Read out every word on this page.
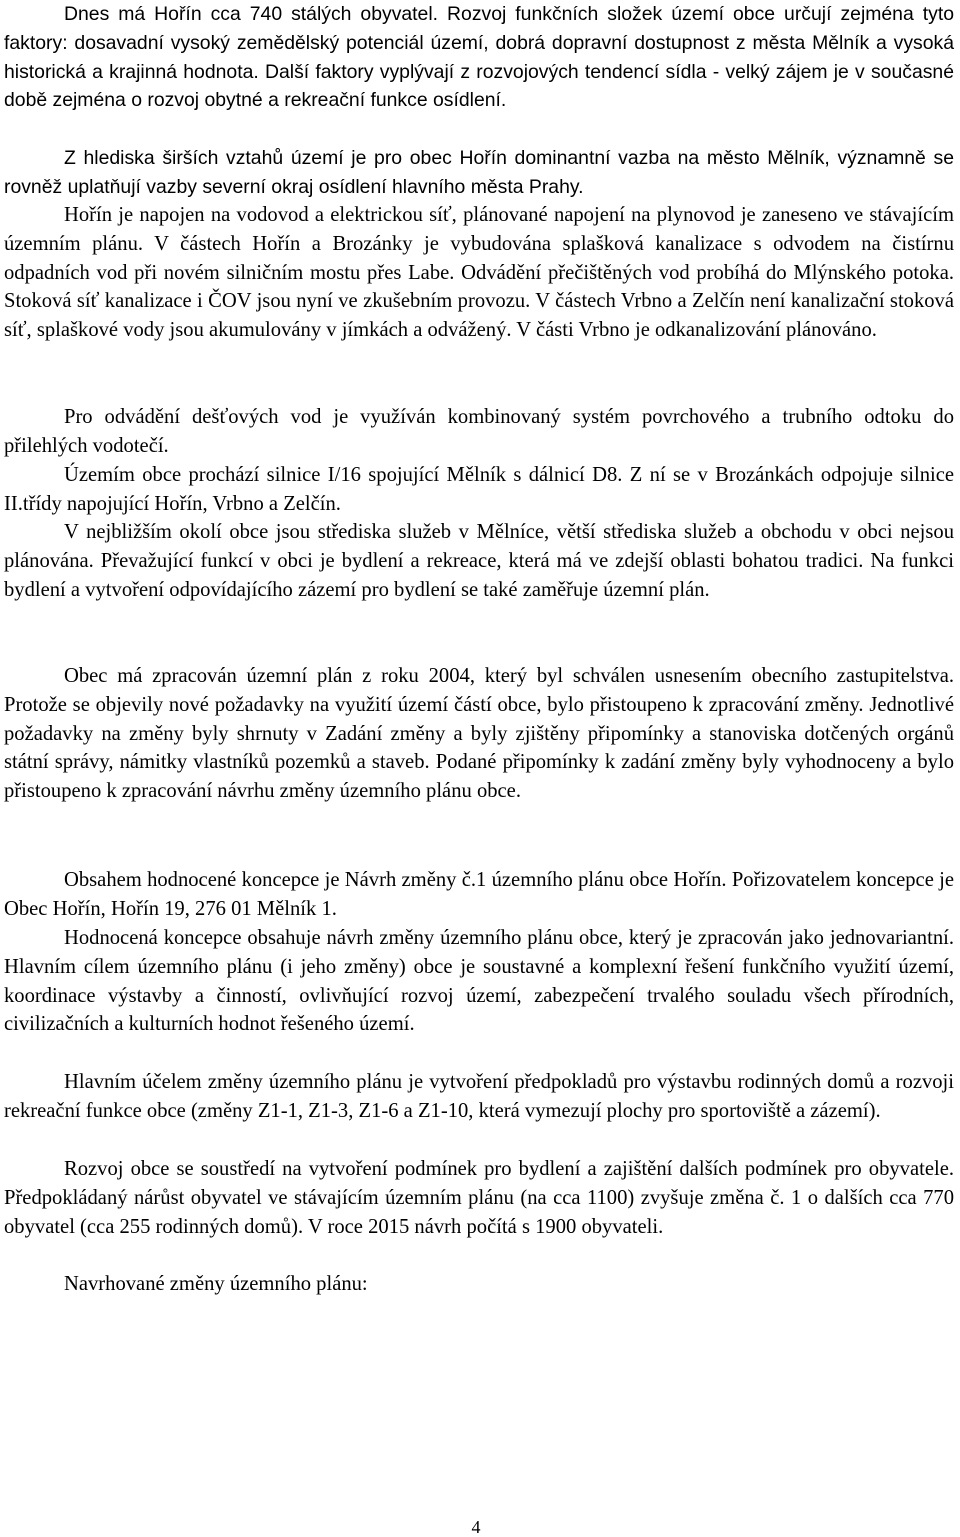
Dnes má Hořín cca 740 stálých obyvatel. Rozvoj funkčních složek území obce určují zejména tyto faktory: dosavadní vysoký zemědělský potenciál území, dobrá dopravní dostupnost z města Mělník a vysoká historická a krajinná hodnota. Další faktory vyplývají z rozvojových tendencí sídla - velký zájem je v současné době zejména o rozvoj obytné a rekreační funkce osídlení.

Z hlediska širších vztahů území je pro obec Hořín dominantní vazba na město Mělník, významně se rovněž uplatňují vazby severní okraj osídlení hlavního města Prahy.

Hořín je napojen na vodovod a elektrickou síť, plánované napojení na plynovod je zaneseno ve stávajícím územním plánu. V částech Hořín a Brozánky je vybudována splašková kanalizace s odvodem na čistírnu odpadních vod při novém silničním mostu přes Labe. Odvádění přečištěných vod probíhá do Mlýnského potoka. Stoková síť kanalizace i ČOV jsou nyní ve zkušebním provozu. V částech Vrbno a Zelčín není kanalizační stoková síť, splaškové vody jsou akumulovány v jímkách a odvážený. V části Vrbno je odkanalizování plánováno.

Pro odvádění dešťových vod je využíván kombinovaný systém povrchového a trubního odtoku do přilehlých vodotečí.

Územím obce prochází silnice I/16 spojující Mělník s dálnicí D8. Z ní se v Brozánkách odpojuje silnice II.třídy napojující Hořín, Vrbno a Zelčín.

V nejbližším okolí obce jsou střediska služeb v Mělníce, větší střediska služeb a obchodu v obci nejsou plánována. Převažující funkcí v obci je bydlení a rekreace, která má ve zdejší oblasti bohatou tradici. Na funkci bydlení a vytvoření odpovídajícího zázemí pro bydlení se také zaměřuje územní plán.

Obec má zpracován územní plán z roku 2004, který byl schválen usnesením obecního zastupitelstva. Protože se objevily nové požadavky na využití území částí obce, bylo přistoupeno k zpracování změny. Jednotlivé požadavky na změny byly shrnuty v Zadání změny a byly zjištěny připomínky a stanoviska dotčených orgánů státní správy, námitky vlastníků pozemků a staveb. Podané připomínky k zadání změny byly vyhodnoceny a bylo přistoupeno k zpracování návrhu změny územního plánu obce.

Obsahem hodnocené koncepce je Návrh změny č.1 územního plánu obce Hořín. Pořizovatelem koncepce je Obec Hořín, Hořín 19, 276 01 Mělník 1.

Hodnocená koncepce obsahuje návrh změny územního plánu obce, který je zpracován jako jednovariantní. Hlavním cílem územního plánu (i jeho změny) obce je soustavné a komplexní řešení funkčního využití území, koordinace výstavby a činností, ovlivňující rozvoj území, zabezpečení trvalého souladu všech přírodních, civilizačních a kulturních hodnot řešeného území.

Hlavním účelem změny územního plánu je vytvoření předpokladů pro výstavbu rodinných domů a rozvoji rekreační funkce obce (změny Z1-1, Z1-3, Z1-6 a Z1-10, která vymezují plochy pro sportoviště a zázemí).

Rozvoj obce se soustředí na vytvoření podmínek pro bydlení a zajištění dalších podmínek pro obyvatele. Předpokládaný nárůst obyvatel ve stávajícím územním plánu (na cca 1100) zvyšuje změna č. 1 o dalších cca 770 obyvatel (cca 255 rodinných domů). V roce 2015 návrh počítá s 1900 obyvateli.

Navrhované změny územního plánu:

4
